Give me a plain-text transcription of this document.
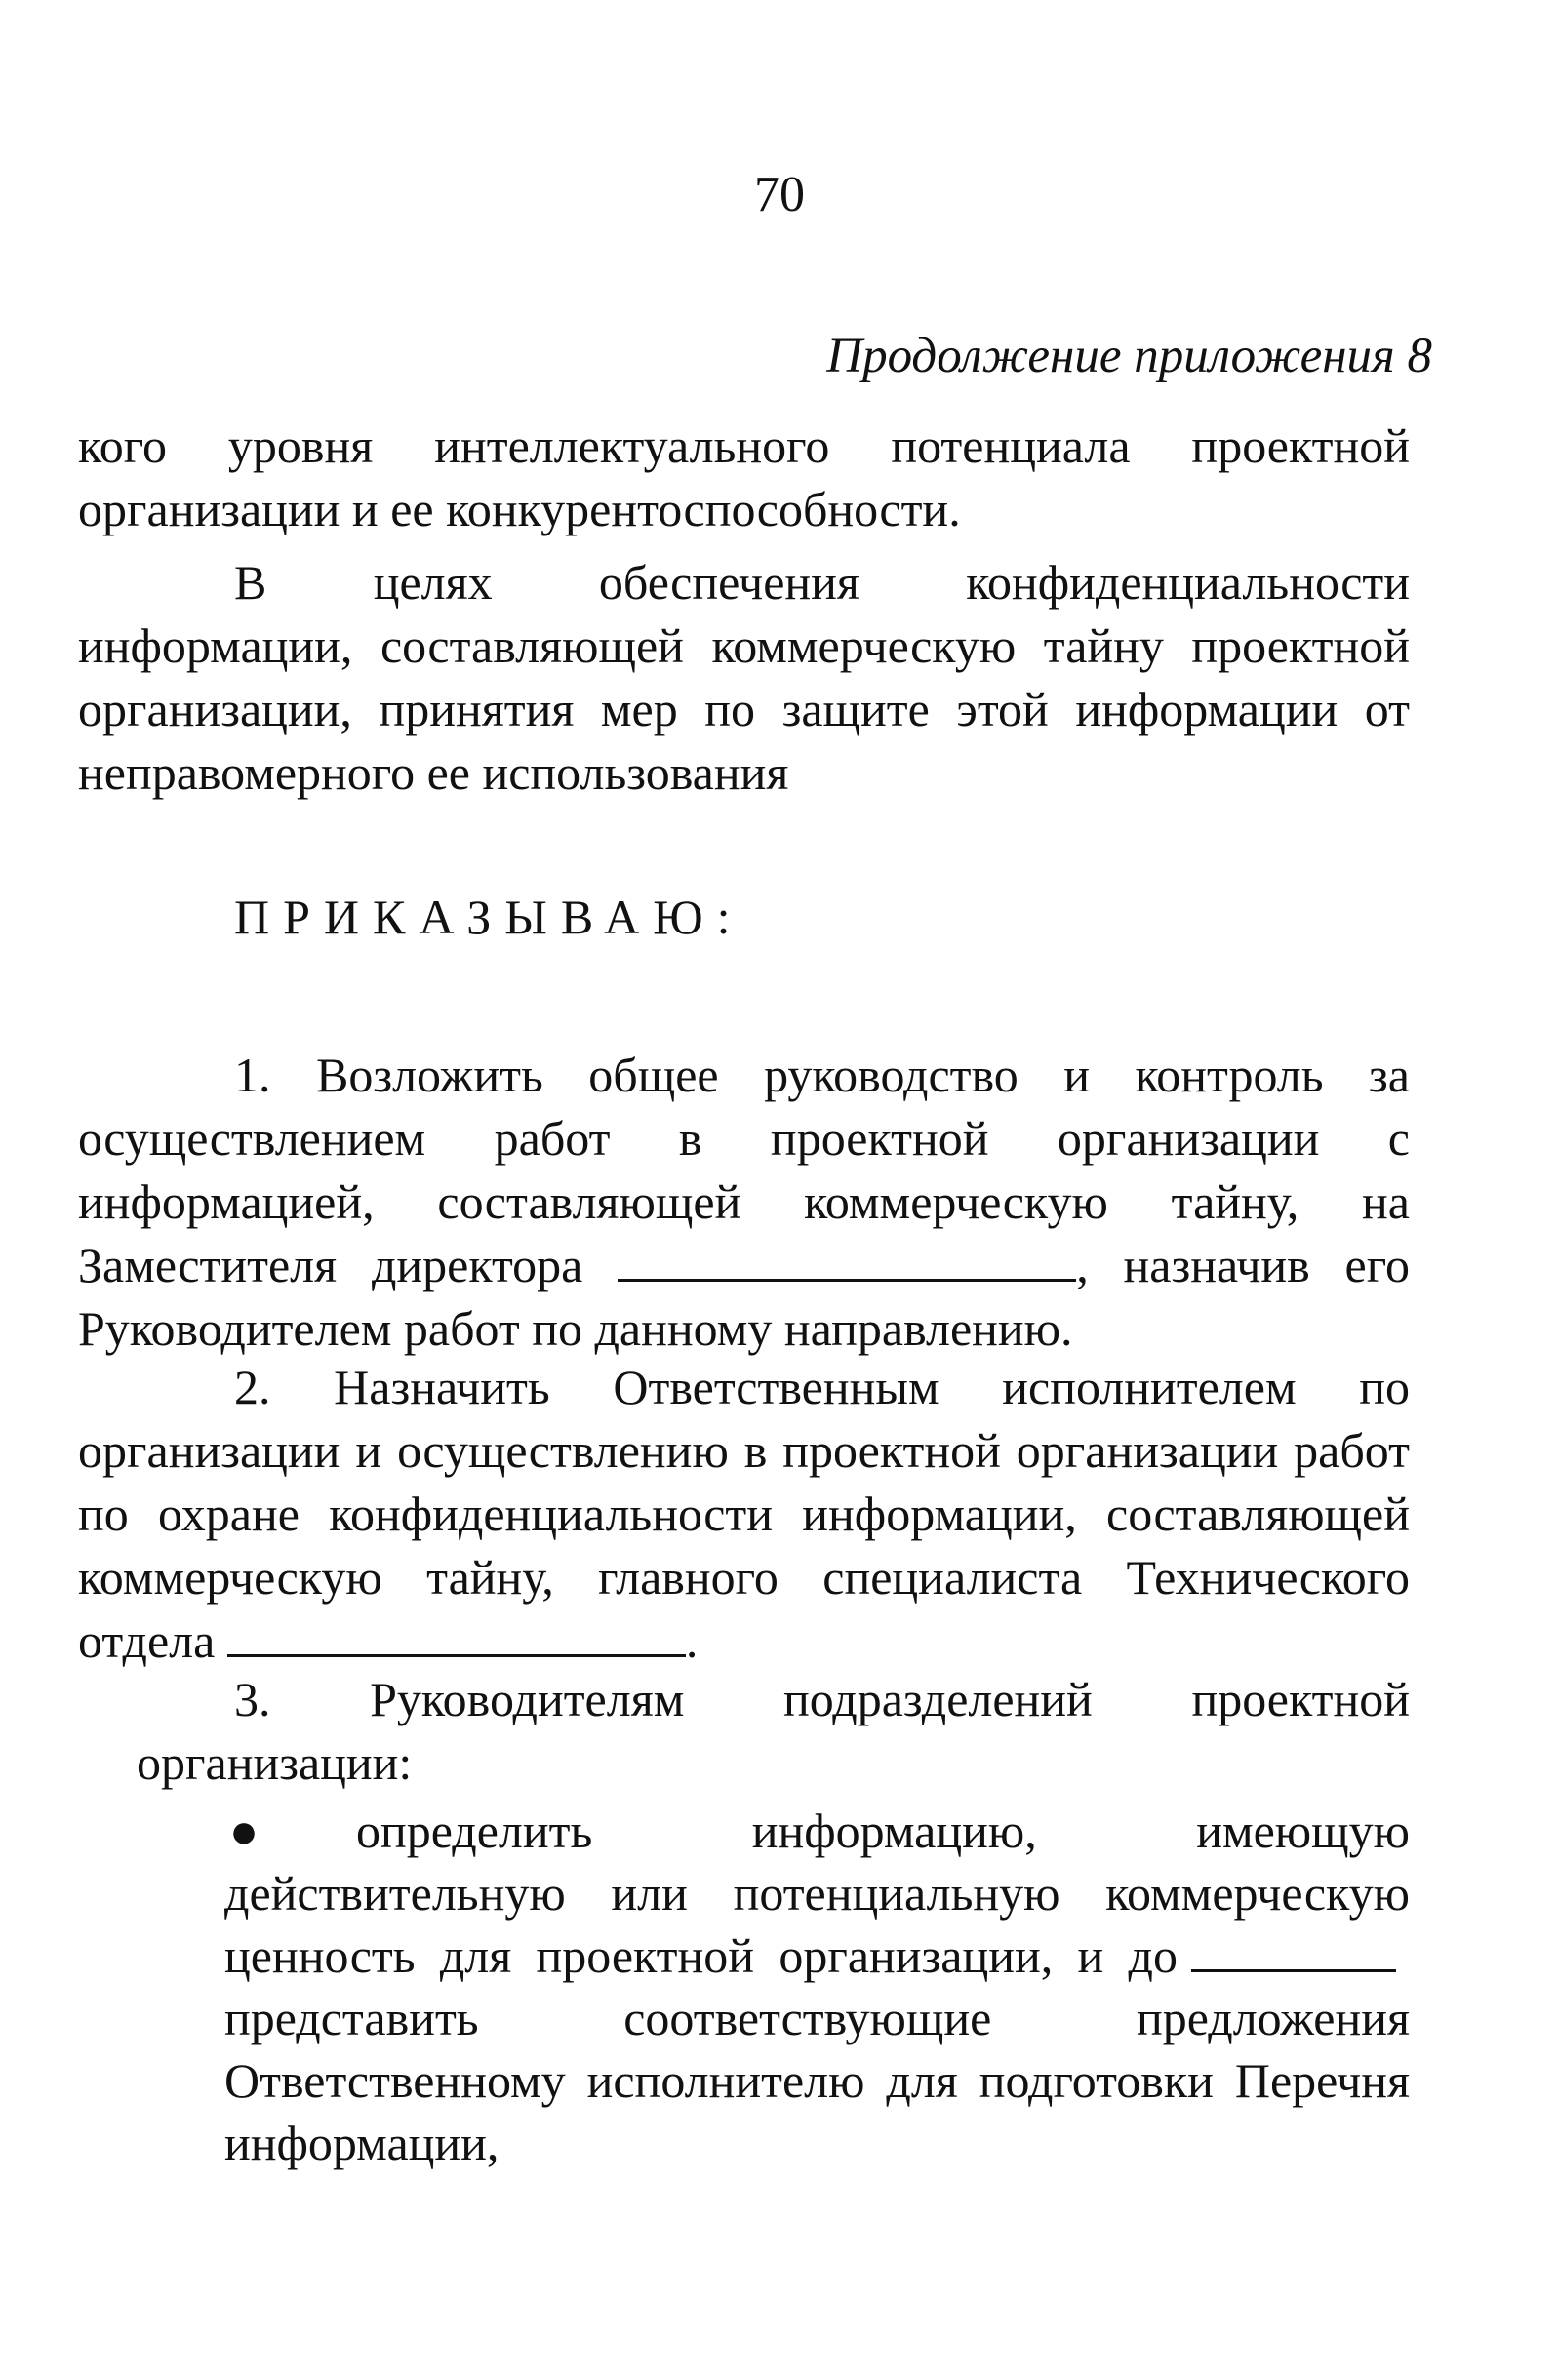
70
Продолжение приложения 8

кого уровня интеллектуального потенциала проектной организации и ее конкурентоспособности.

В целях обеспечения конфиденциальности информации, составляющей коммерческую тайну проектной организации, принятия мер по защите этой информации от неправомерного ее использования

ПРИКАЗЫВАЮ:

1. Возложить общее руководство и контроль за осуществлением работ в проектной организации с информацией, составляющей коммерческую тайну, на Заместителя директора	, назначив его Руководителем работ по данному направлению.

2. Назначить Ответственным исполнителем по организации и осуществлению в проектной организации работ по охране конфиденциальности информации, составляющей коммерческую тайну, главного специалиста Технического отдела	.

3. Руководителям подразделений проектной организации:

● определить информацию, имеющую действительную или потенциальную коммерческую ценность для проектной организации, и допредставить соответствующие предложения Ответственному исполнителю для подготовки Перечня информации,
